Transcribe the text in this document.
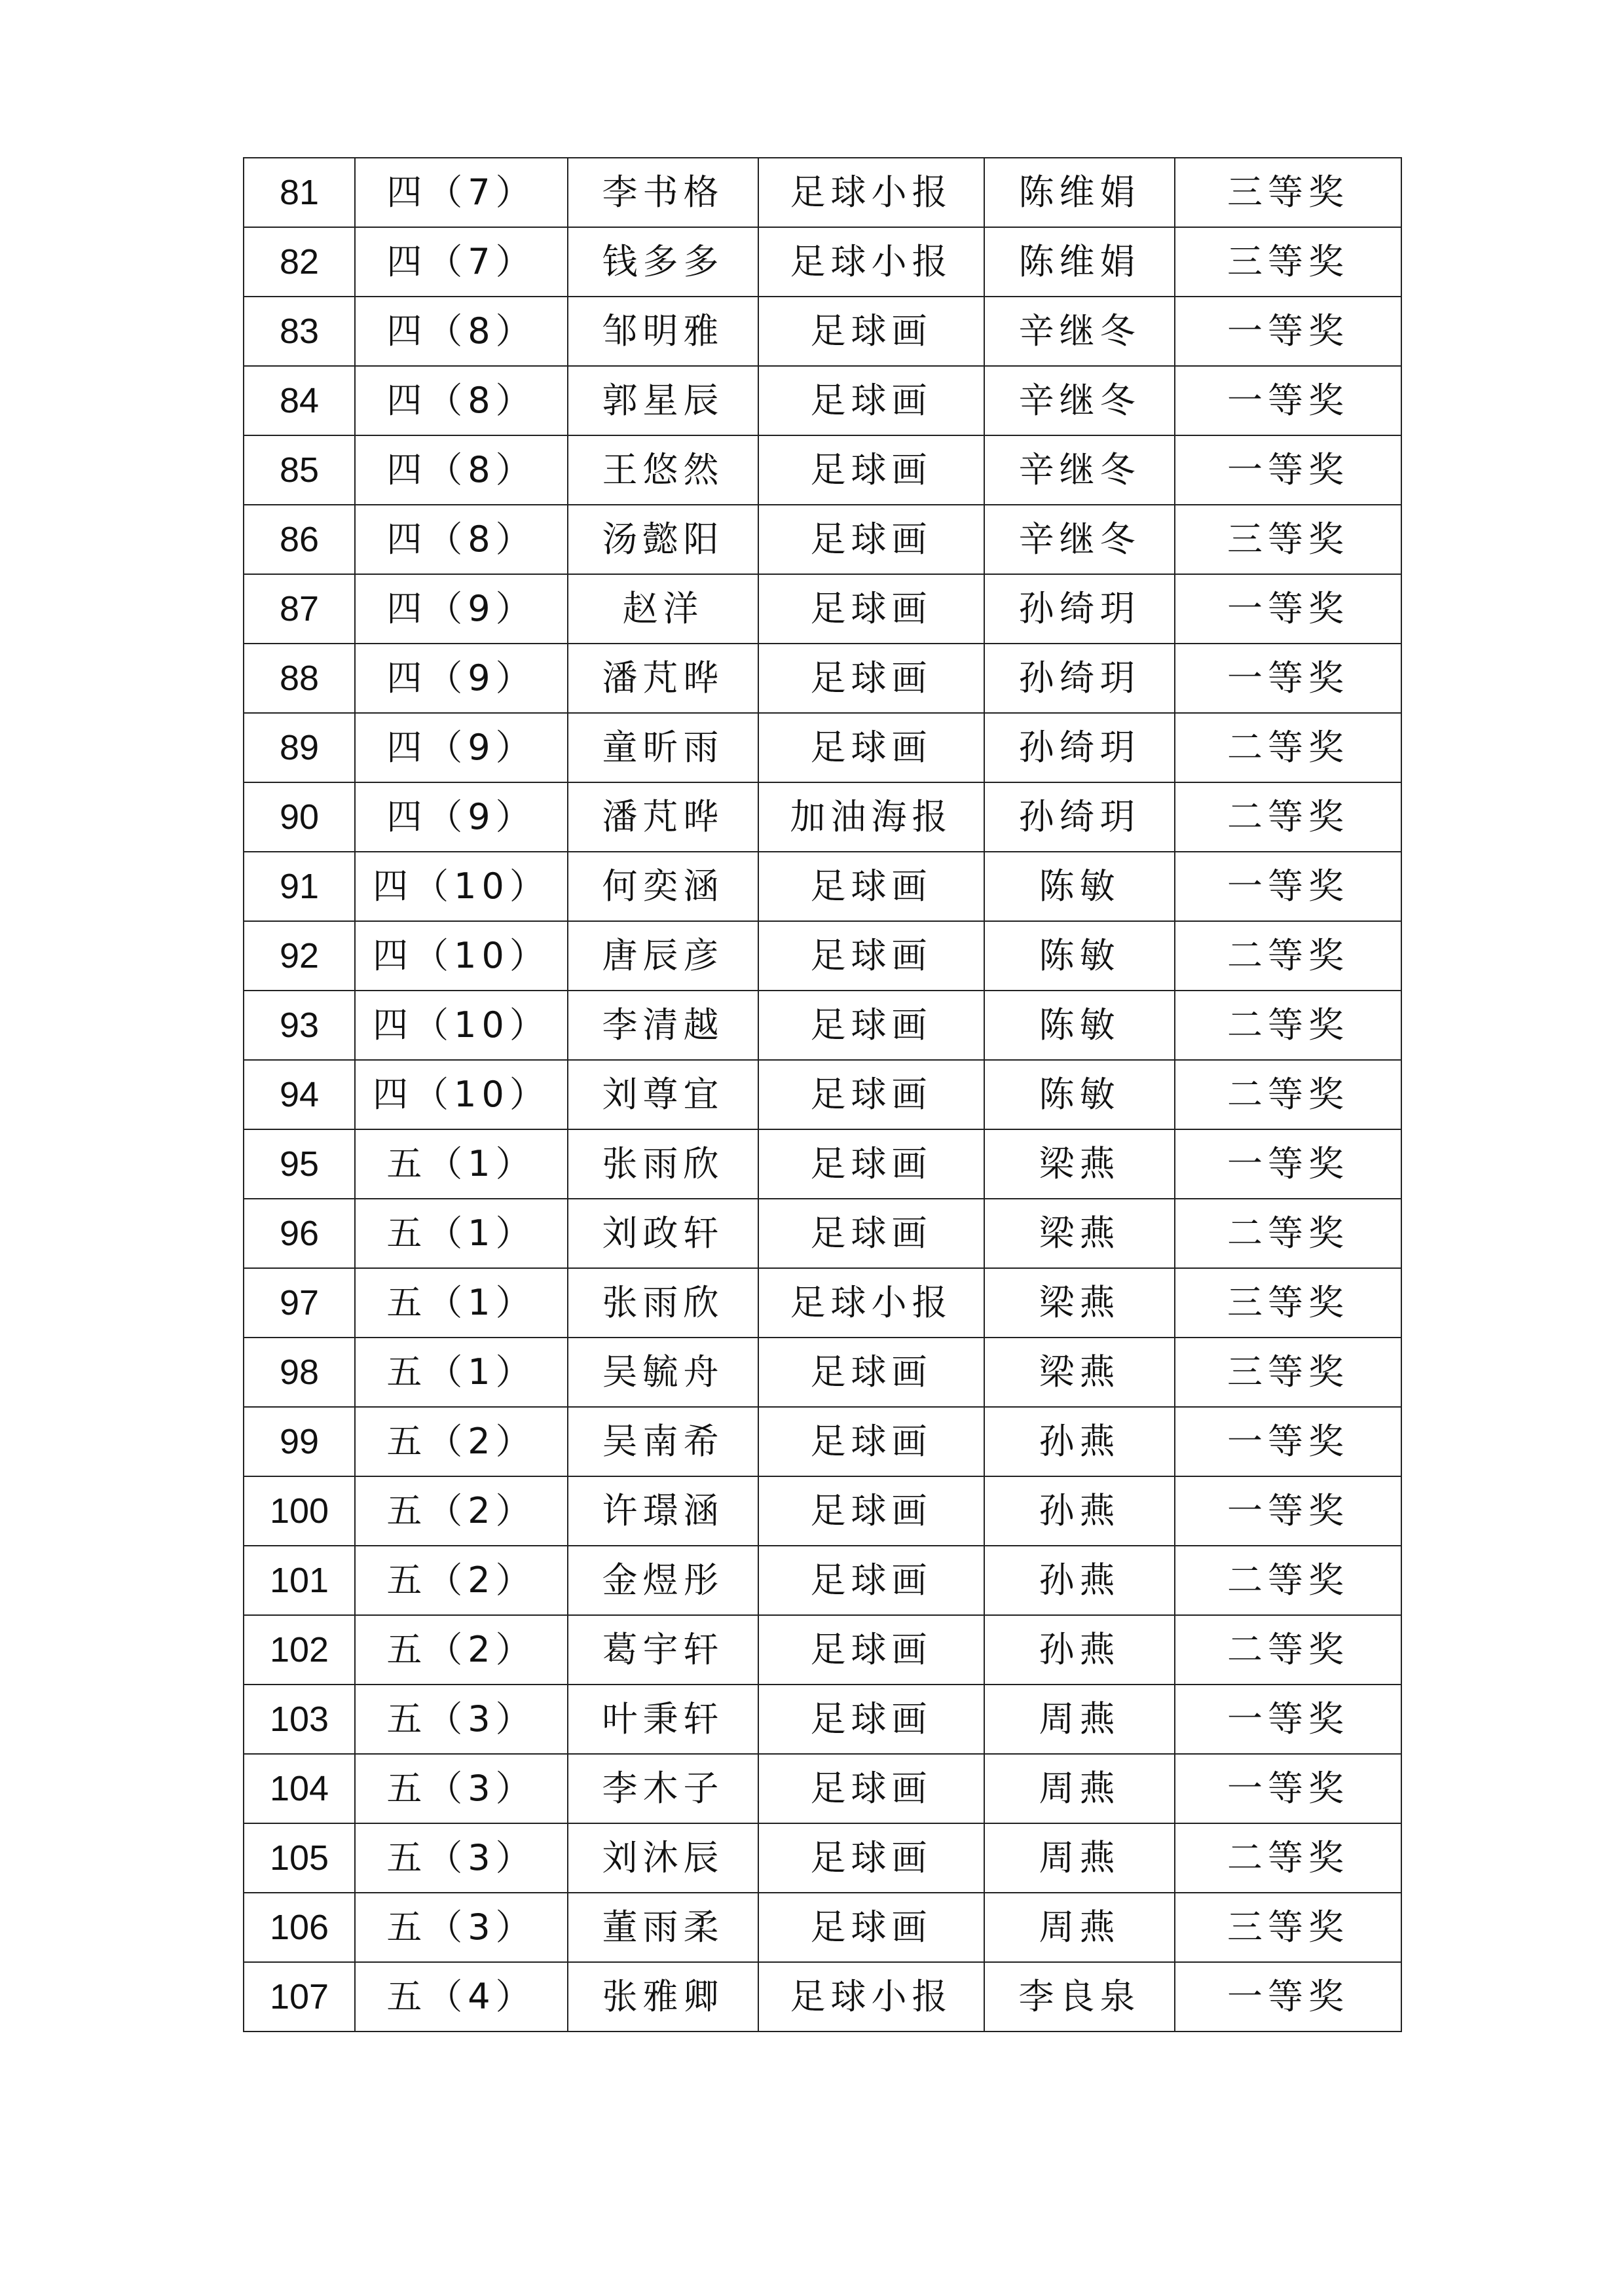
81	四（7）	李书格	足球小报	陈维娟	三等奖
82	四（7）	钱多多	足球小报	陈维娟	三等奖
83	四（8）	邹明雅	足球画	辛继冬	一等奖
84	四（8）	郭星辰	足球画	辛继冬	一等奖
85	四（8）	王悠然	足球画	辛继冬	一等奖
86	四（8）	汤懿阳	足球画	辛继冬	三等奖
87	四（9）	赵洋	足球画	孙绮玥	一等奖
88	四（9）	潘芃晔	足球画	孙绮玥	一等奖
89	四（9）	童昕雨	足球画	孙绮玥	二等奖
90	四（9）	潘芃晔	加油海报	孙绮玥	二等奖
91	四（10）	何奕涵	足球画	陈敏	一等奖
92	四（10）	唐辰彦	足球画	陈敏	二等奖
93	四（10）	李清越	足球画	陈敏	二等奖
94	四（10）	刘尊宜	足球画	陈敏	二等奖
95	五（1）	张雨欣	足球画	梁燕	一等奖
96	五（1）	刘政轩	足球画	梁燕	二等奖
97	五（1）	张雨欣	足球小报	梁燕	三等奖
98	五（1）	吴毓舟	足球画	梁燕	三等奖
99	五（2）	吴南希	足球画	孙燕	一等奖
100	五（2）	许璟涵	足球画	孙燕	一等奖
101	五（2）	金煜彤	足球画	孙燕	二等奖
102	五（2）	葛宇轩	足球画	孙燕	二等奖
103	五（3）	叶秉轩	足球画	周燕	一等奖
104	五（3）	李木子	足球画	周燕	一等奖
105	五（3）	刘沐辰	足球画	周燕	二等奖
106	五（3）	董雨柔	足球画	周燕	三等奖
107	五（4）	张雅卿	足球小报	李良泉	一等奖
